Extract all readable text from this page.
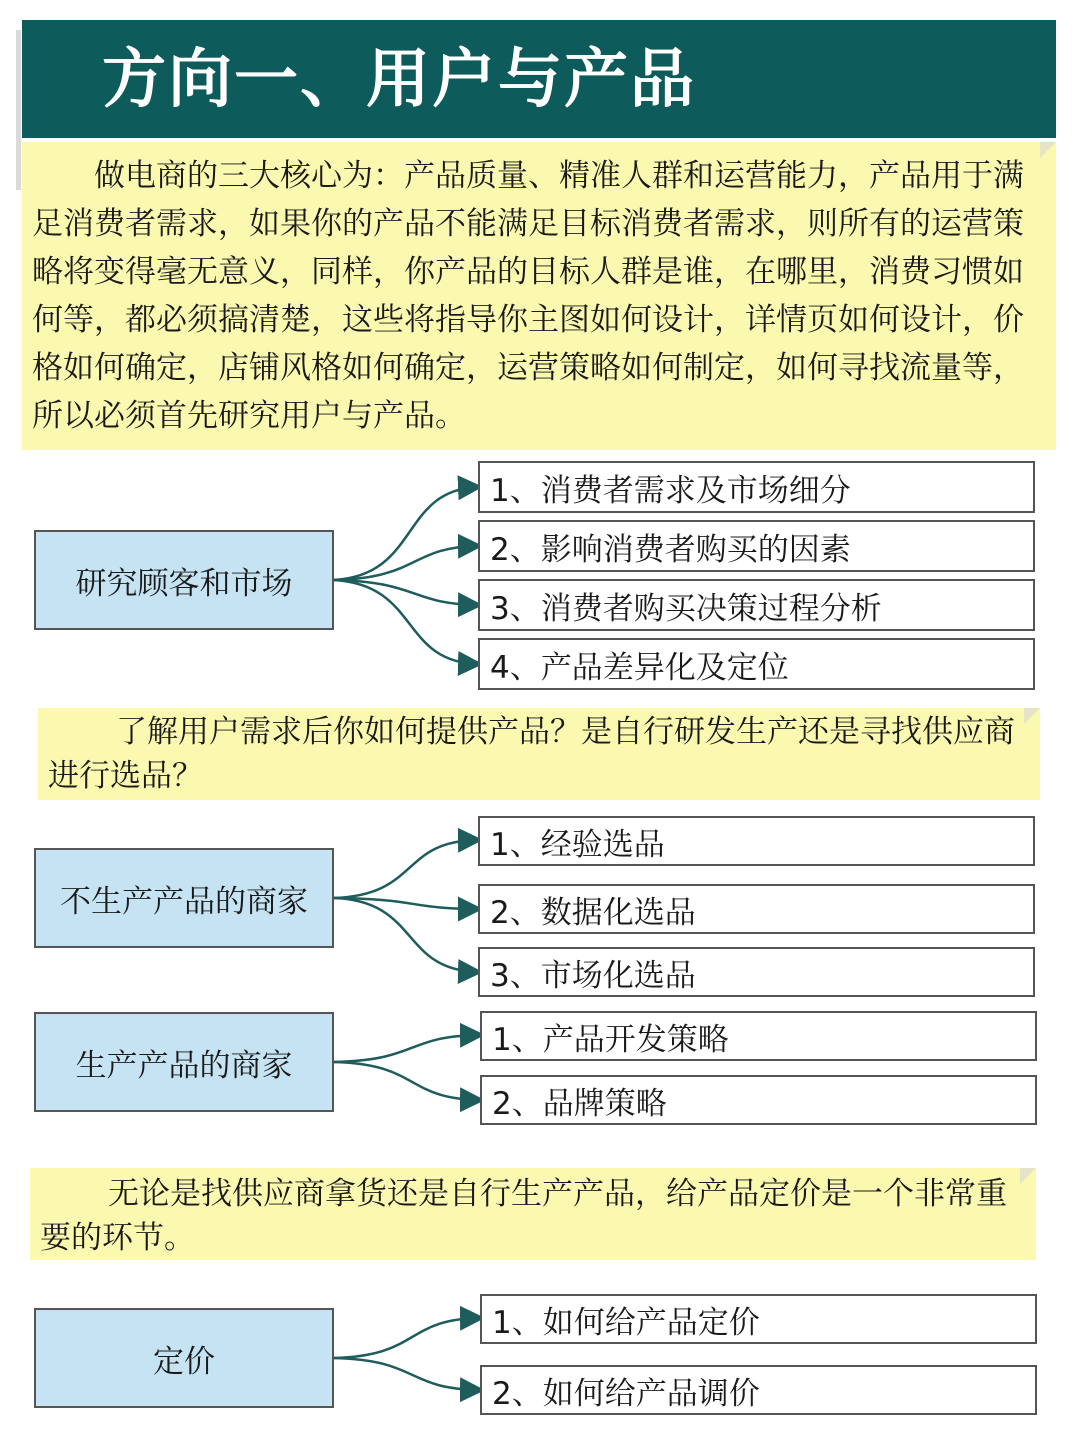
方向一、用户与产品
做电商的三大核心为：产品质量、精准人群和运营能力，产品用于满足消费者需求，如果你的产品不能满足目标消费者需求，则所有的运营策略将变得毫无意义，同样，你产品的目标人群是谁，在哪里，消费习惯如何等，都必须搞清楚，这些将指导你主图如何设计，详情页如何设计，价格如何确定，店铺风格如何确定，运营策略如何制定，如何寻找流量等，所以必须首先研究用户与产品。
研究顾客和市场
1、消费者需求及市场细分
2、影响消费者购买的因素
3、消费者购买决策过程分析
4、产品差异化及定位
了解用户需求后你如何提供产品？是自行研发生产还是寻找供应商进行选品？
不生产产品的商家
1、经验选品
2、数据化选品
3、市场化选品
生产产品的商家
1、产品开发策略
2、品牌策略
无论是找供应商拿货还是自行生产产品，给产品定价是一个非常重要的环节。
定价
1、如何给产品定价
2、如何给产品调价
